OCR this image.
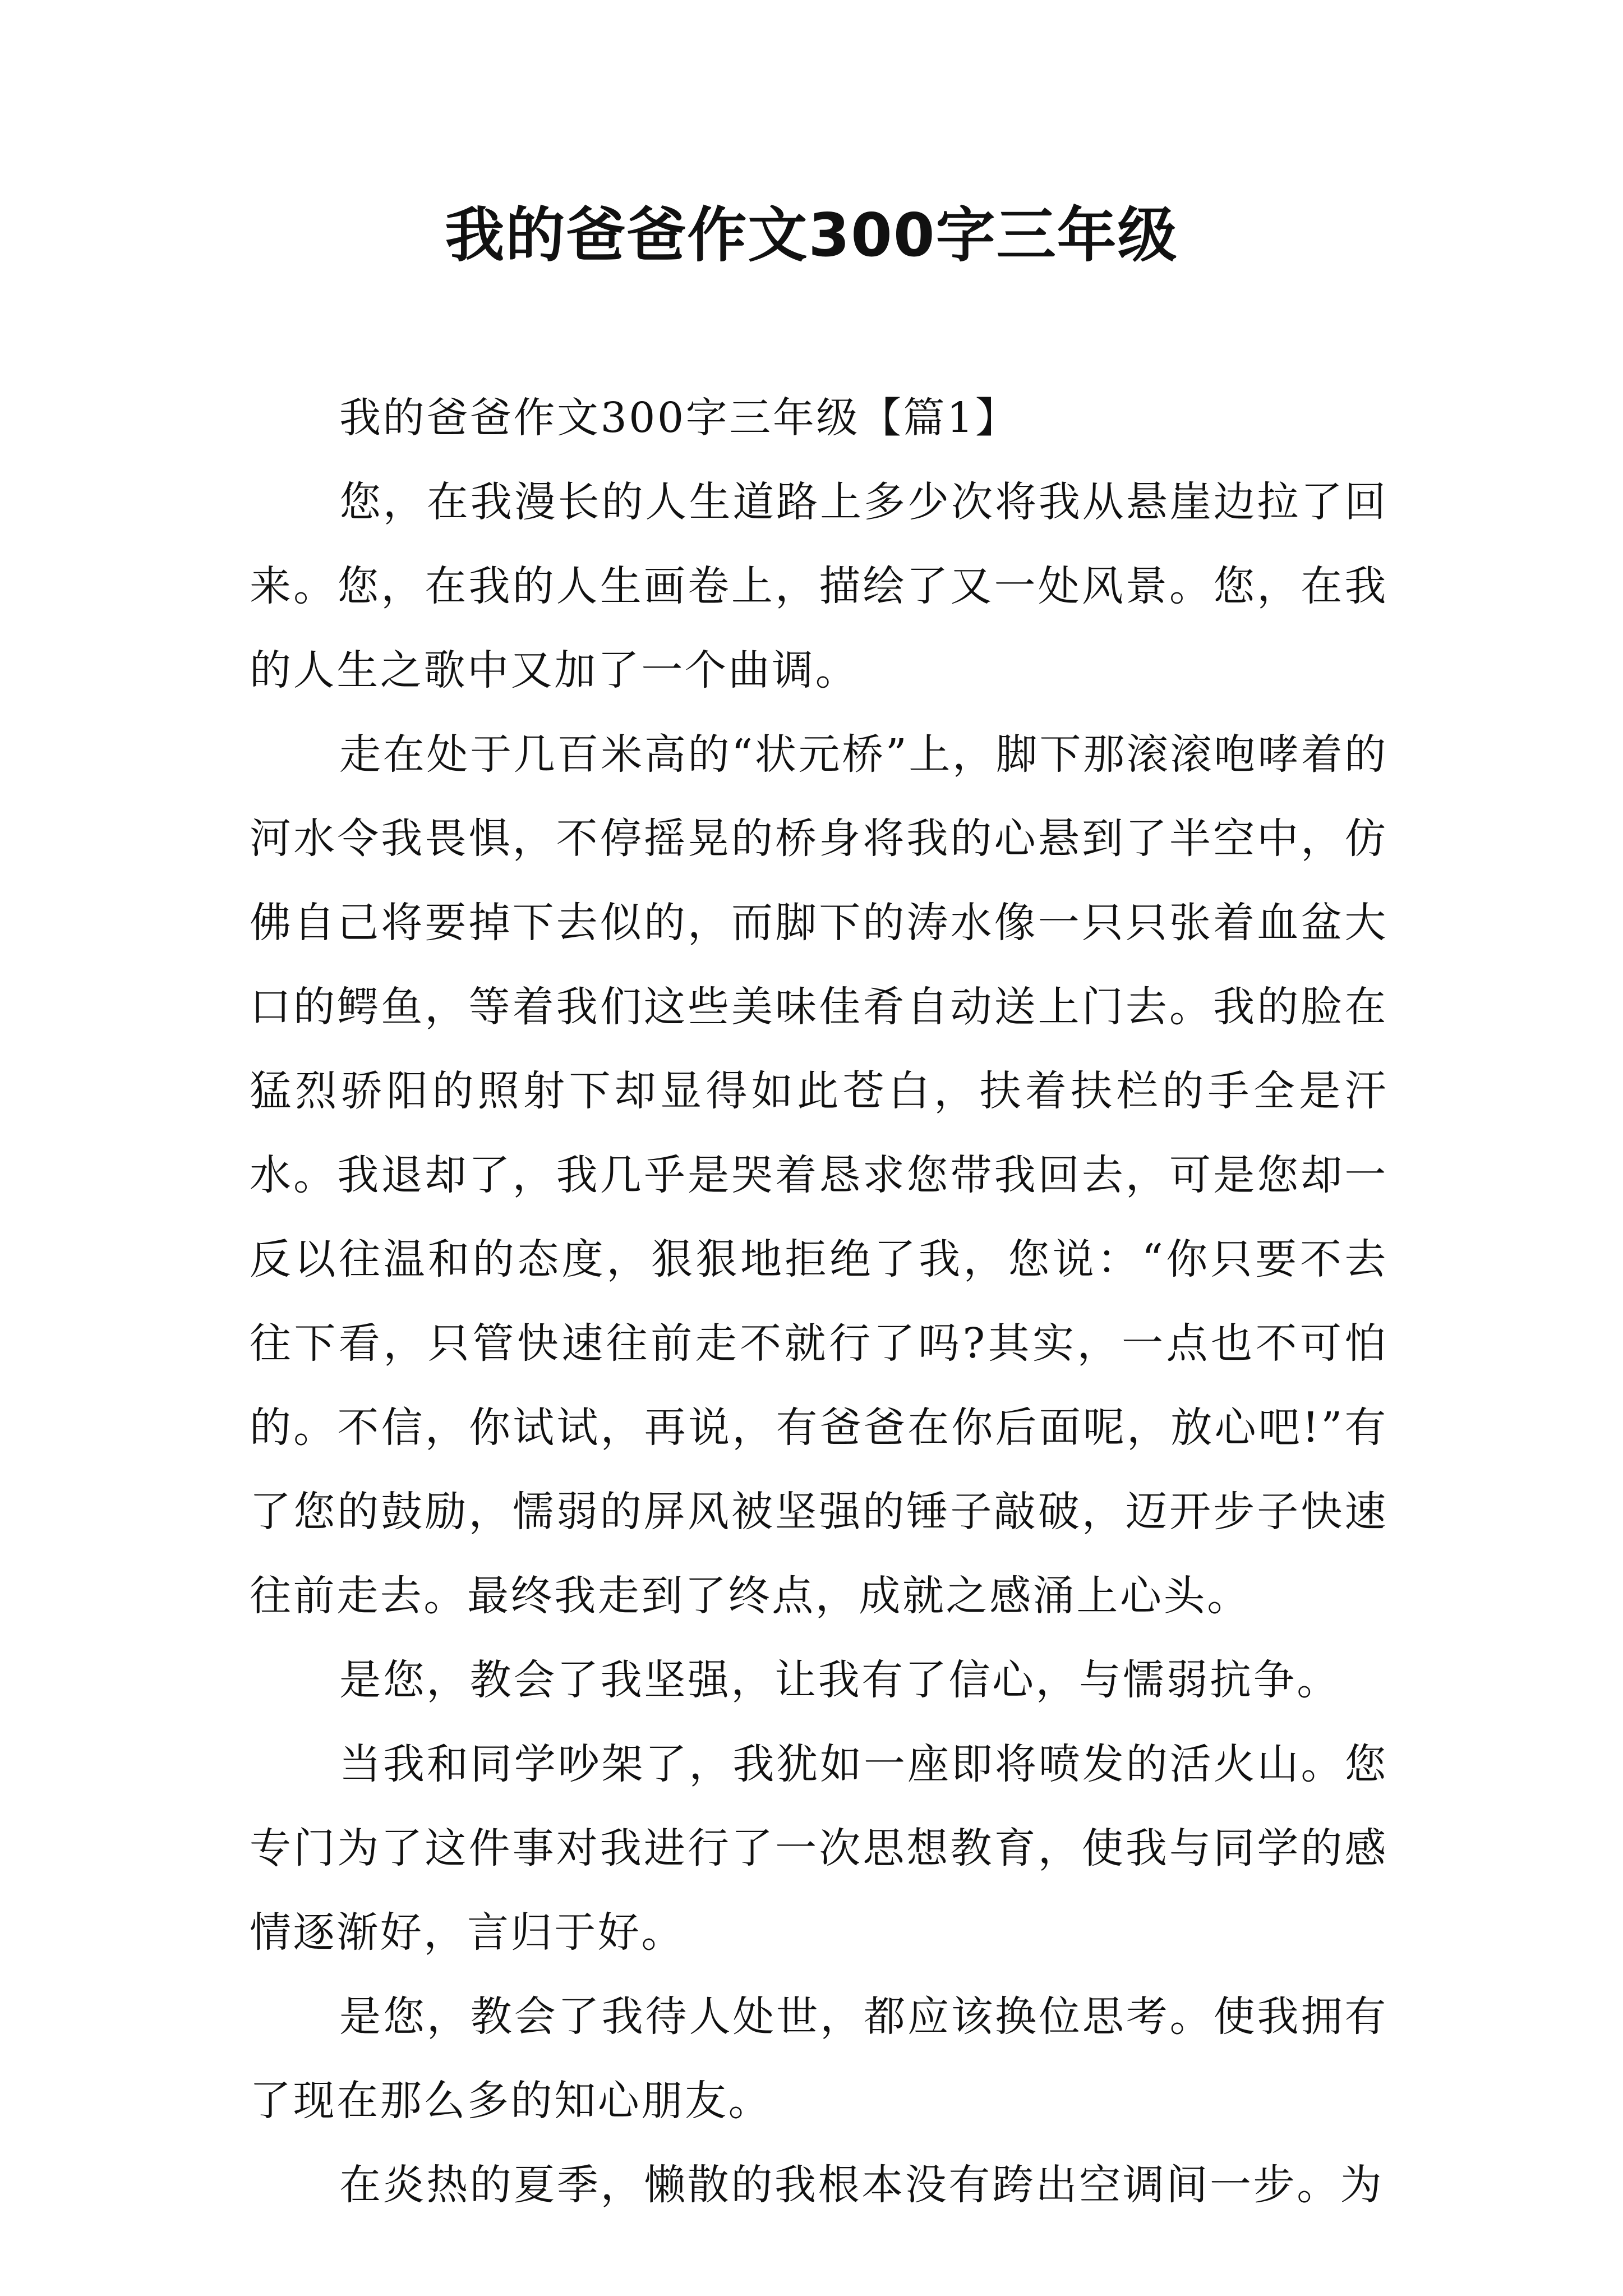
我的爸爸作文300字三年级

我的爸爸作文300字三年级【篇1】

您，在我漫长的人生道路上多少次将我从悬崖边拉了回来。您，在我的人生画卷上，描绘了又一处风景。您，在我的人生之歌中又加了一个曲调。

走在处于几百米高的“状元桥”上，脚下那滚滚咆哮着的河水令我畏惧，不停摇晃的桥身将我的心悬到了半空中，仿佛自己将要掉下去似的，而脚下的涛水像一只只张着血盆大口的鳄鱼，等着我们这些美味佳肴自动送上门去。我的脸在猛烈骄阳的照射下却显得如此苍白，扶着扶栏的手全是汗水。我退却了，我几乎是哭着恳求您带我回去，可是您却一反以往温和的态度，狠狠地拒绝了我，您说：“你只要不去往下看，只管快速往前走不就行了吗?其实，一点也不可怕的。不信，你试试，再说，有爸爸在你后面呢，放心吧!”有了您的鼓励，懦弱的屏风被坚强的锤子敲破，迈开步子快速往前走去。最终我走到了终点，成就之感涌上心头。

是您，教会了我坚强，让我有了信心，与懦弱抗争。

当我和同学吵架了，我犹如一座即将喷发的活火山。您专门为了这件事对我进行了一次思想教育，使我与同学的感情逐渐好，言归于好。

是您，教会了我待人处世，都应该换位思考。使我拥有了现在那么多的知心朋友。

在炎热的夏季，懒散的我根本没有跨出空调间一步。为
